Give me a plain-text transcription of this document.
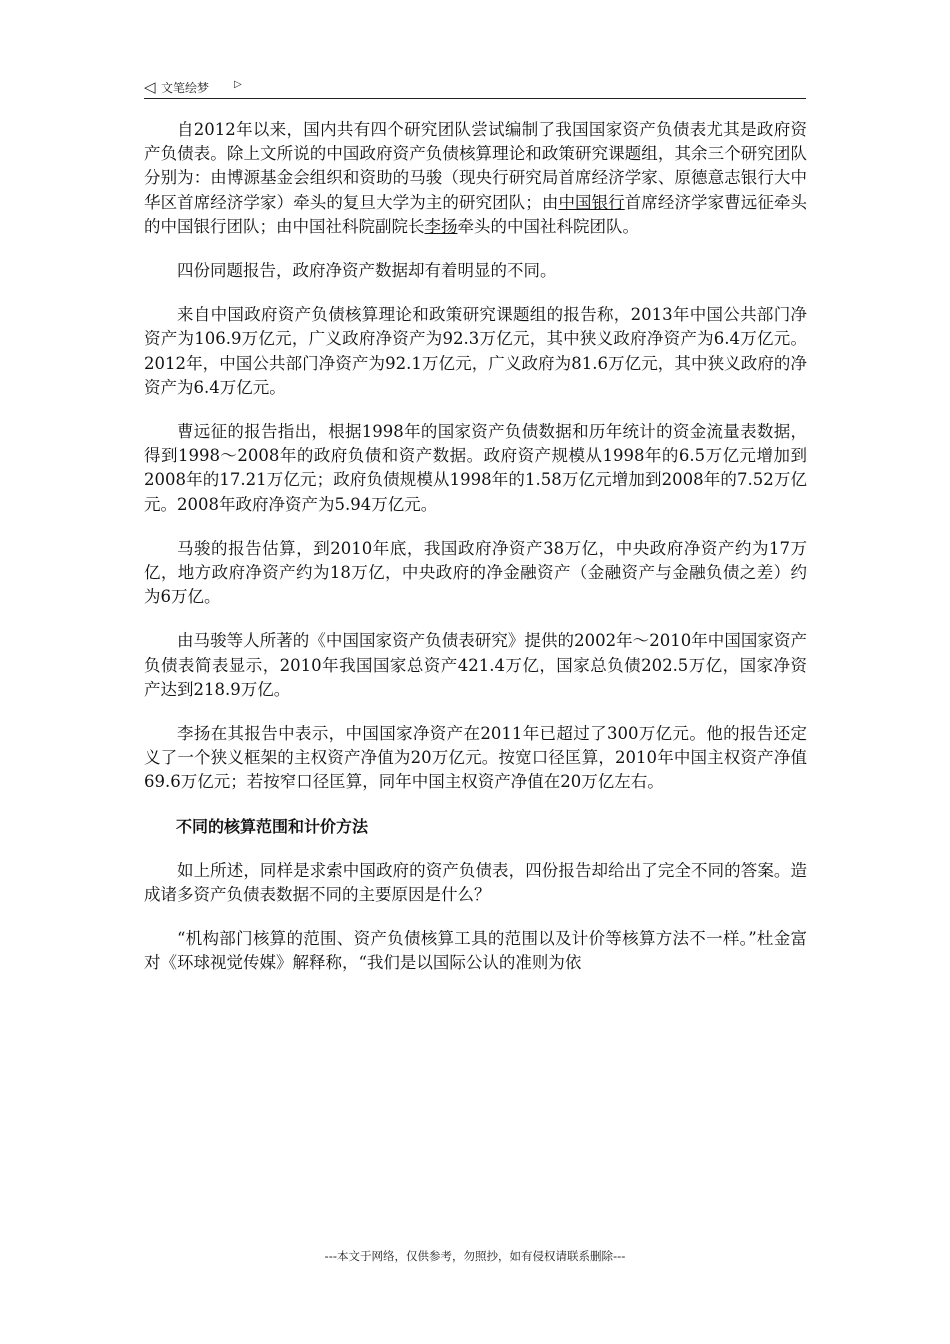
◁ 文笔绘梦 ▷

自2012年以来，国内共有四个研究团队尝试编制了我国国家资产负债表尤其是政府资产负债表。除上文所说的中国政府资产负债核算理论和政策研究课题组，其余三个研究团队分别为：由博源基金会组织和资助的马骏（现央行研究局首席经济学家、原德意志银行大中华区首席经济学家）牵头的复旦大学为主的研究团队；由中国银行首席经济学家曹远征牵头的中国银行团队；由中国社科院副院长李扬牵头的中国社科院团队。

四份同题报告，政府净资产数据却有着明显的不同。

来自中国政府资产负债核算理论和政策研究课题组的报告称，2013年中国公共部门净资产为106.9万亿元，广义政府净资产为92.3万亿元，其中狭义政府净资产为6.4万亿元。2012年，中国公共部门净资产为92.1万亿元，广义政府为81.6万亿元，其中狭义政府的净资产为6.4万亿元。

曹远征的报告指出，根据1998年的国家资产负债数据和历年统计的资金流量表数据，得到1998～2008年的政府负债和资产数据。政府资产规模从1998年的6.5万亿元增加到2008年的17.21万亿元；政府负债规模从1998年的1.58万亿元增加到2008年的7.52万亿元。2008年政府净资产为5.94万亿元。

马骏的报告估算，到2010年底，我国政府净资产38万亿，中央政府净资产约为17万亿，地方政府净资产约为18万亿，中央政府的净金融资产（金融资产与金融负债之差）约为6万亿。

由马骏等人所著的《中国国家资产负债表研究》提供的2002年～2010年中国国家资产负债表简表显示，2010年我国国家总资产421.4万亿，国家总负债202.5万亿，国家净资产达到218.9万亿。

李扬在其报告中表示，中国国家净资产在2011年已超过了300万亿元。他的报告还定义了一个狭义框架的主权资产净值为20万亿元。按宽口径匡算，2010年中国主权资产净值69.6万亿元；若按窄口径匡算，同年中国主权资产净值在20万亿左右。

不同的核算范围和计价方法

如上所述，同样是求索中国政府的资产负债表，四份报告却给出了完全不同的答案。造成诸多资产负债表数据不同的主要原因是什么？

“机构部门核算的范围、资产负债核算工具的范围以及计价等核算方法不一样。”杜金富对《环球视觉传媒》解释称，“我们是以国际公认的准则为依

---本文于网络，仅供参考，勿照抄，如有侵权请联系删除---
